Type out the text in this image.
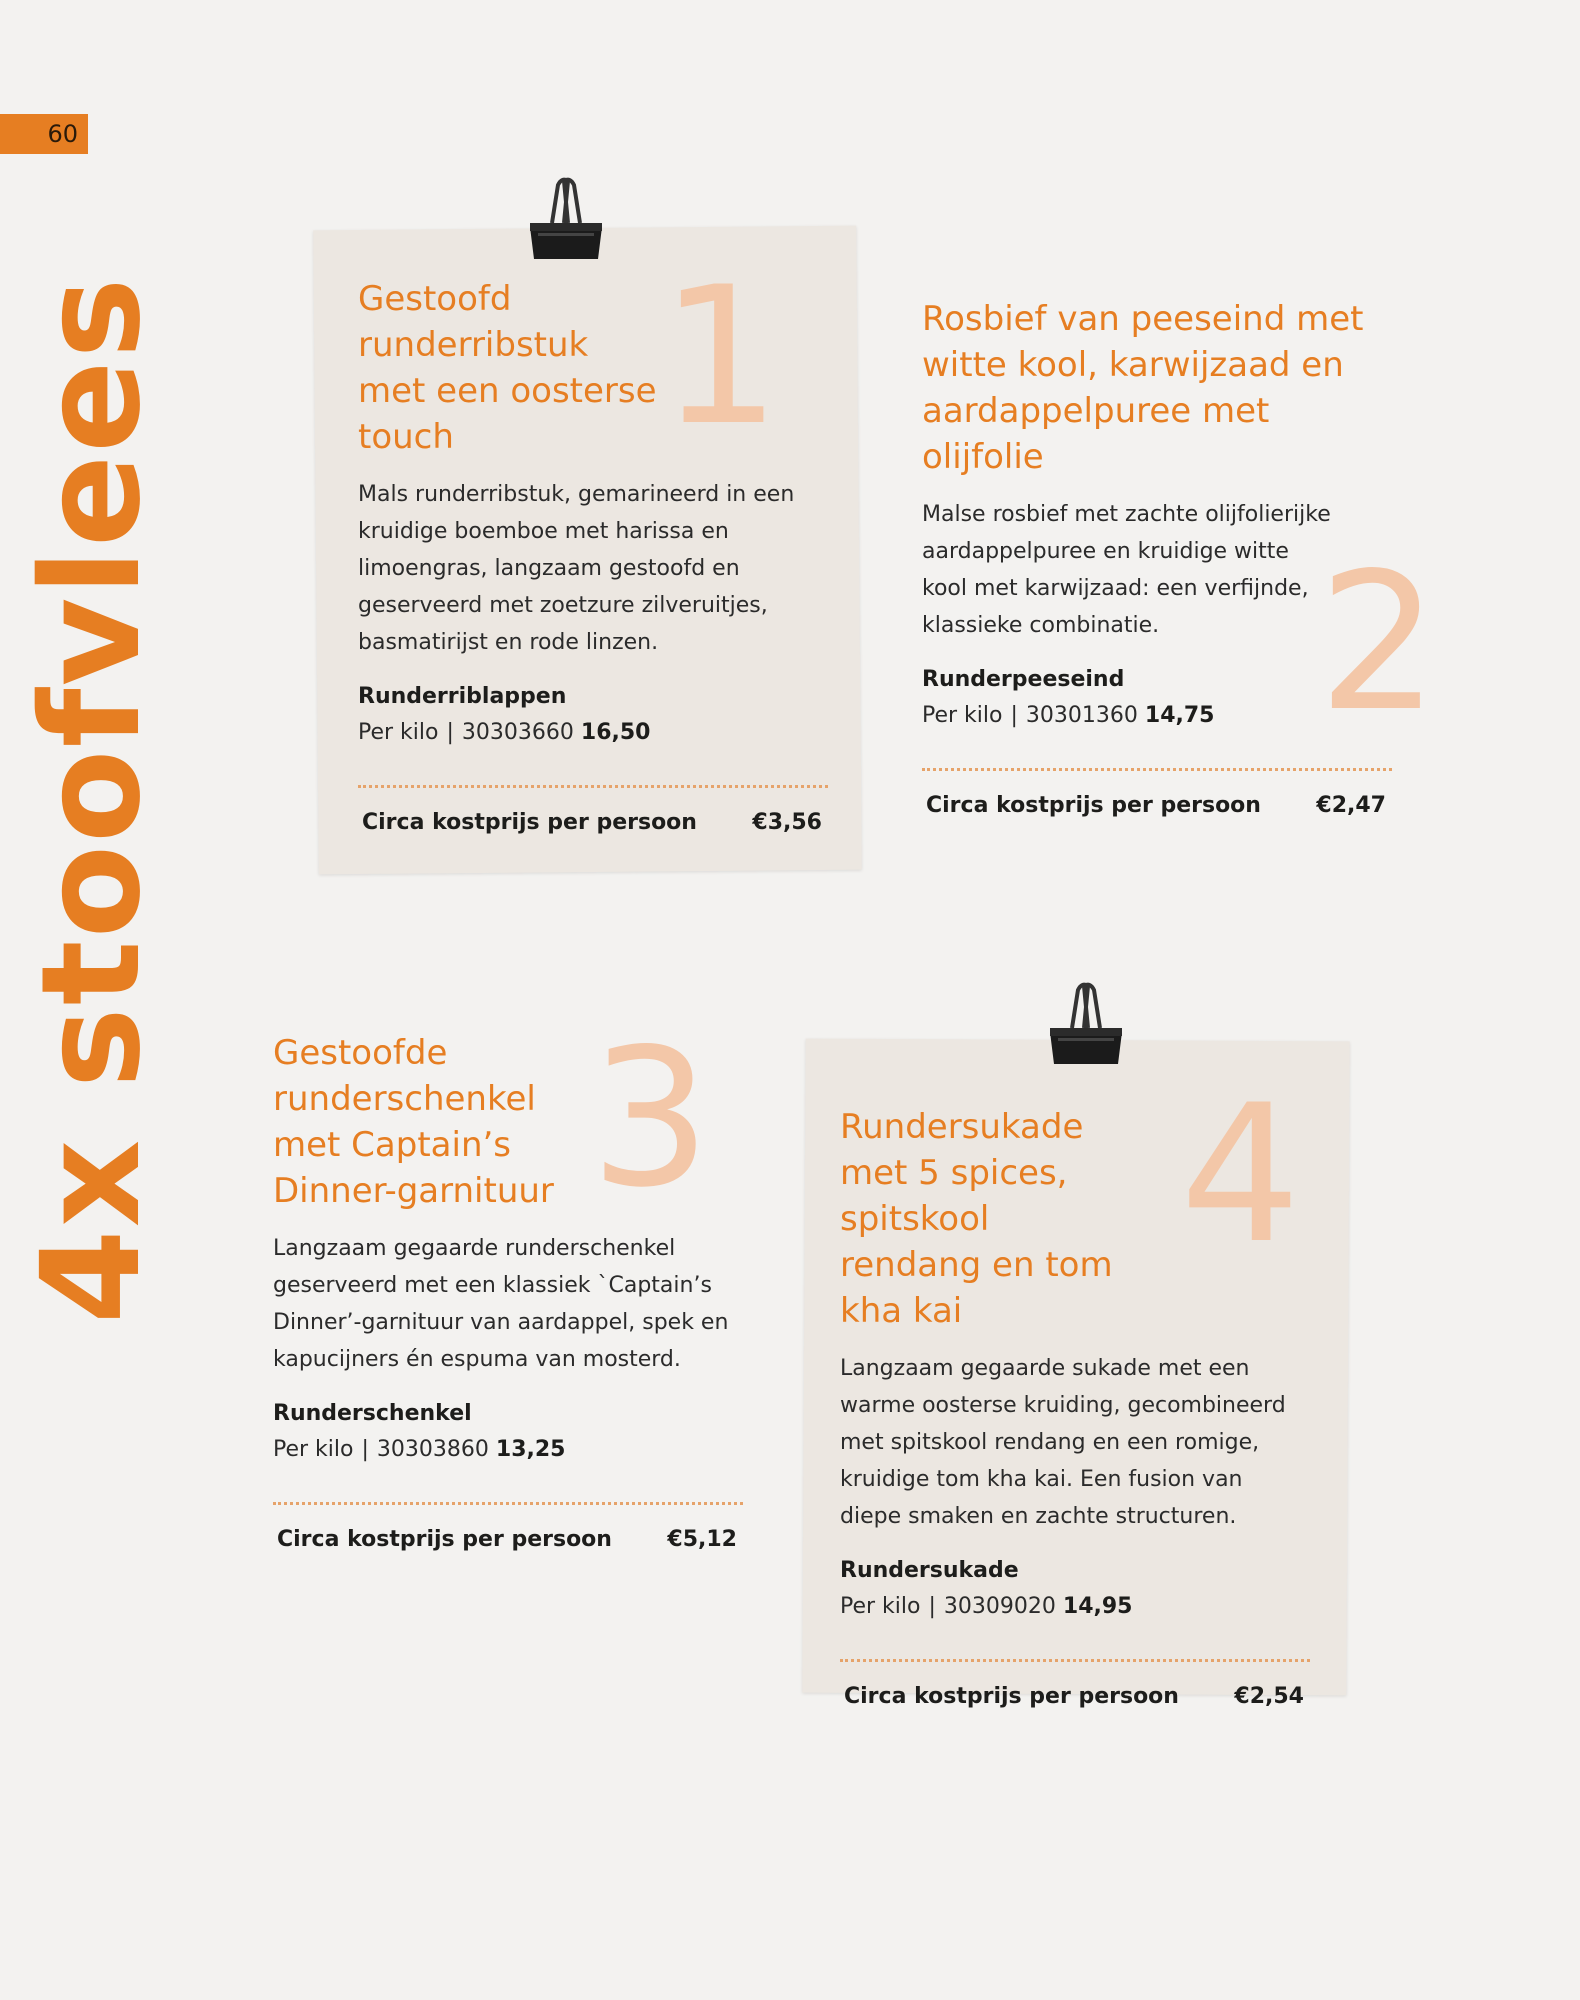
60
4x stoofvlees	1
2
3 4
Gestoofd runderribstuk met een oosterse touch

Mals runderribstuk, gemarineerd in een kruidige boemboe met harissa en limoengras, langzaam gestoofd en geserveerd met zoetzure zilveruitjes, basmatirijst en rode linzen.

Runderriblappen
Per kilo | 30303660 16,50
Circa kostprijs per persoon	€3,56
Rosbief van peeseind met witte kool, karwijzaad en aardappelpuree met olijfolie

Malse rosbief met zachte olijfolierijke aardappelpuree en kruidige witte kool met karwijzaad: een verfijnde, klassieke combinatie.

Runderpeeseind
Per kilo | 30301360 14,75
Circa kostprijs per persoon	€2,47
Gestoofde runderschenkel met Captain’s Dinner-garnituur

Langzaam gegaarde runderschenkel geserveerd met een klassiek `Captain’s Dinner’-garnituur van aardappel, spek en kapucijners én espuma van mosterd.

Runderschenkel
Per kilo | 30303860 13,25
Circa kostprijs per persoon	€5,12
Rundersukade met 5 spices, spitskool rendang en tom kha kai

Langzaam gegaarde sukade met een warme oosterse kruiding, gecombineerd met spitskool rendang en een romige, kruidige tom kha kai. Een fusion van diepe smaken en zachte structuren.

Rundersukade
Per kilo | 30309020 14,95
Circa kostprijs per persoon	€2,54
